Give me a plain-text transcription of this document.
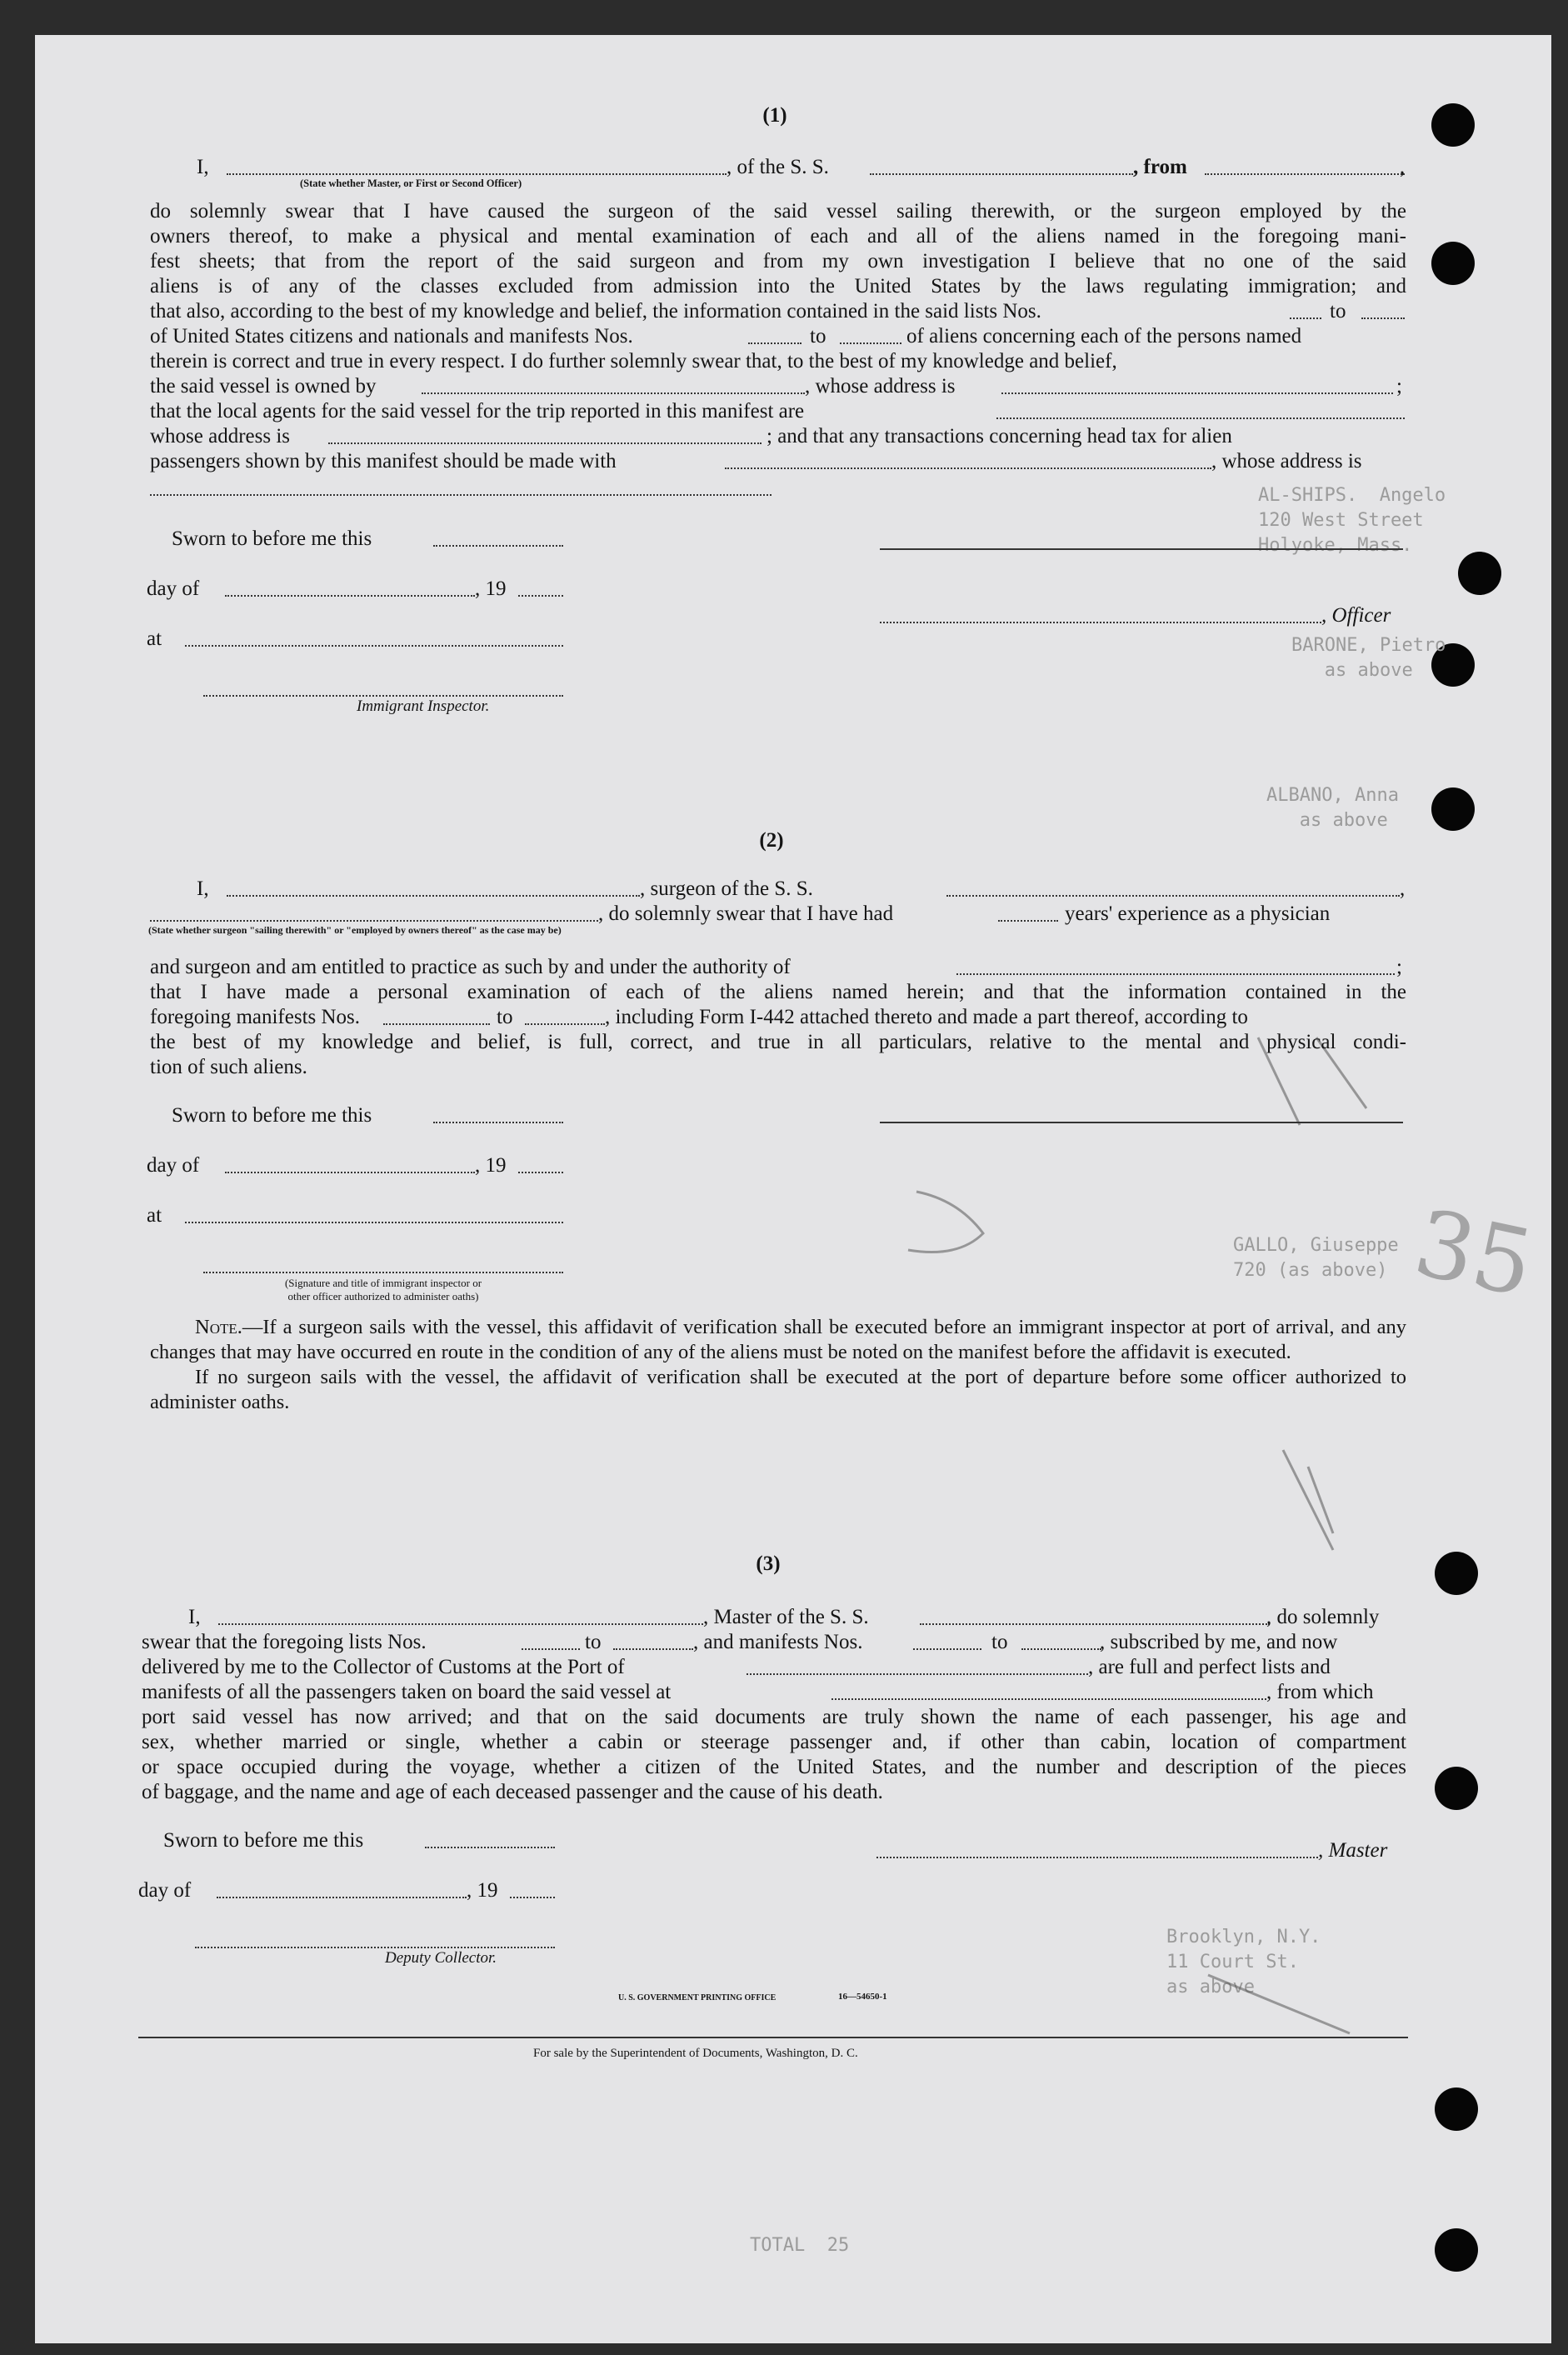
AL-SHIPS.  Angelo
120 West Street
Holyoke, Mass.
BARONE, Pietro
as above
ALBANO, Anna
as above
GALLO, Giuseppe
720 (as above)
Brooklyn, N.Y.
11 Court St.
as above
TOTAL  25
35
(1)
I,	, of the S. S.	, from	,
(State whether Master, or First or Second Officer)
do solemnly swear that I have caused the surgeon of the said vessel sailing therewith, or the surgeon employed by the
owners thereof, to make a physical and mental examination of each and all of the aliens named in the foregoing mani-
fest sheets; that from the report of the said surgeon and from my own investigation I believe that no one of the said
aliens is of any of the classes excluded from admission into the United States by the laws regulating immigration; and
that also, according to the best of my knowledge and belief, the information contained in the said lists Nos.	to
of United States citizens and nationals and manifests Nos.	to	of aliens concerning each of the persons named
therein is correct and true in every respect. I do further solemnly swear that, to the best of my knowledge and belief,
the said vessel is owned by	, whose address is	;
that the local agents for the said vessel for the trip reported in this manifest are
whose address is	; and that any transactions concerning head tax for alien
passengers shown by this manifest should be made with	, whose address is
Sworn to before me this
day of	, 19
, Officer
at
Immigrant Inspector.
(2)
I,	, surgeon of the S. S.	,
, do solemnly swear that I have had	years' experience as a physician
(State whether surgeon "sailing therewith" or "employed by owners thereof" as the case may be)
and surgeon and am entitled to practice as such by and under the authority of	;
that I have made a personal examination of each of the aliens named herein; and that the information contained in the
foregoing manifests Nos.	to	, including Form I-442 attached thereto and made a part thereof, according to
the best of my knowledge and belief, is full, correct, and true in all particulars, relative to the mental and physical condi-
tion of such aliens.
Sworn to before me this
day of	, 19
at
(Signature and title of immigrant inspector or
other officer authorized to administer oaths)
Note.—If a surgeon sails with the vessel, this affidavit of verification shall be executed before an immigrant inspector at port of arrival, and any changes that may have occurred en route in the condition of any of the aliens must be noted on the manifest before the affidavit is executed.
If no surgeon sails with the vessel, the affidavit of verification shall be executed at the port of departure before some officer authorized to administer oaths.
(3)
I,	, Master of the S. S.	, do solemnly
swear that the foregoing lists Nos.	to	, and manifests Nos.	to	, subscribed by me, and now
delivered by me to the Collector of Customs at the Port of	, are full and perfect lists and
manifests of all the passengers taken on board the said vessel at	, from which
port said vessel has now arrived; and that on the said documents are truly shown the name of each passenger, his age and
sex, whether married or single, whether a cabin or steerage passenger and, if other than cabin, location of compartment
or space occupied during the voyage, whether a citizen of the United States, and the number and description of the pieces
of baggage, and the name and age of each deceased passenger and the cause of his death.
Sworn to before me this	, Master
day of	, 19
Deputy Collector.
U. S. GOVERNMENT PRINTING OFFICE	16—54650-1
For sale by the Superintendent of Documents, Washington, D. C.
